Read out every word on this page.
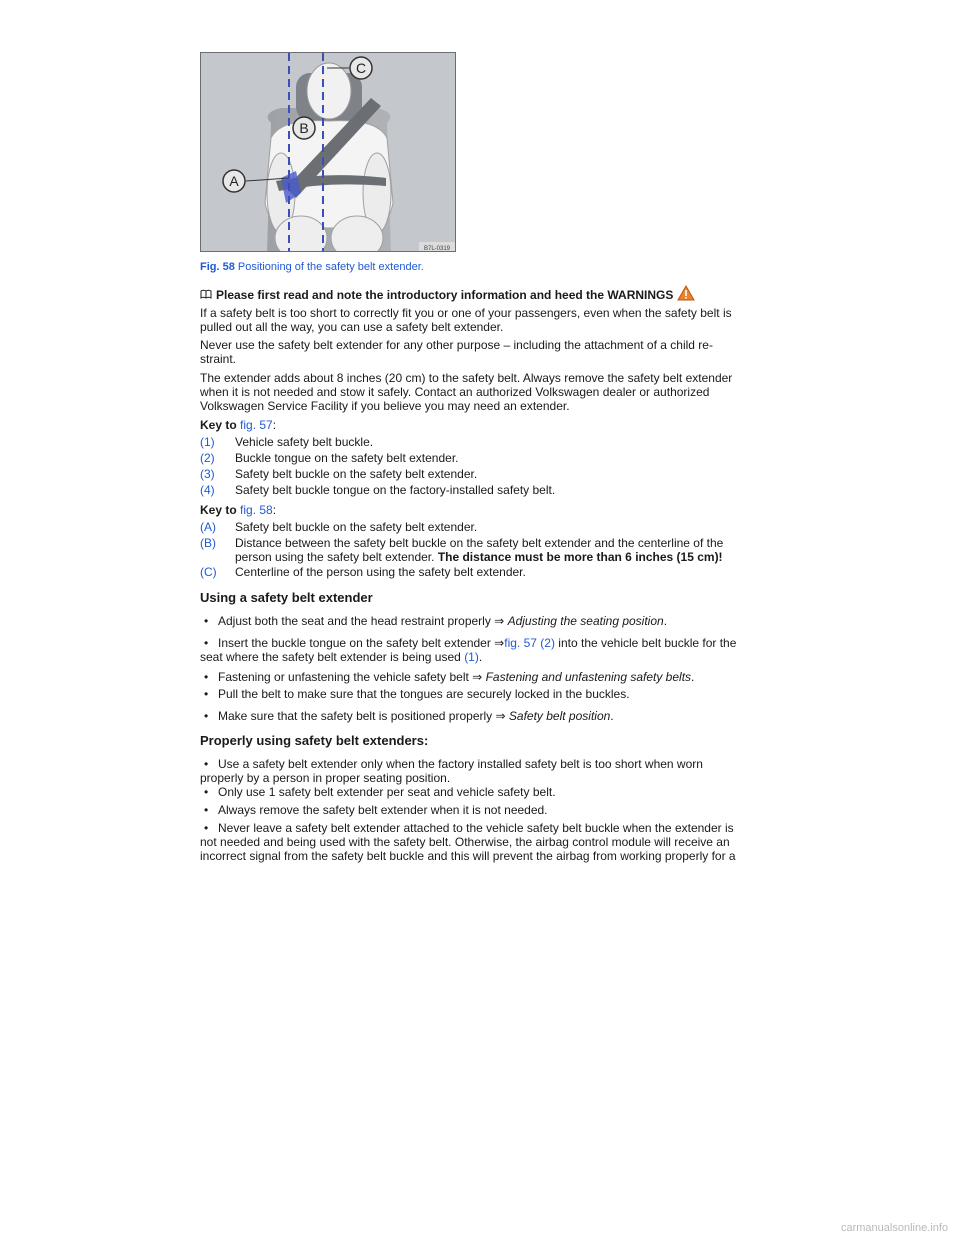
C
B
A
B7L-0319
Fig. 58 Positioning of the safety belt extender.
Please first read and note the introductory information and heed the WARNINGS
If a safety belt is too short to correctly fit you or one of your passengers, even when the safety belt is pulled out all the way, you can use a safety belt extender.
Never use the safety belt extender for any other purpose – including the attachment of a child re-straint.
The extender adds about 8 inches (20 cm) to the safety belt. Always remove the safety belt extender when it is not needed and stow it safely. Contact an authorized Volkswagen dealer or authorized Volkswagen Service Facility if you believe you may need an extender.
Key to fig. 57:
(1)	Vehicle safety belt buckle.
(2)	Buckle tongue on the safety belt extender.
(3)	Safety belt buckle on the safety belt extender.
(4)	Safety belt buckle tongue on the factory-installed safety belt.
Key to fig. 58:
(A)	Safety belt buckle on the safety belt extender.
(B)	Distance between the safety belt buckle on the safety belt extender and the centerline of the person using the safety belt extender. The distance must be more than 6 inches (15 cm)!
(C)	Centerline of the person using the safety belt extender.
Using a safety belt extender
• Adjust both the seat and the head restraint properly ⇒ Adjusting the seating position.
• Insert the buckle tongue on the safety belt extender ⇒fig. 57 (2) into the vehicle belt buckle for the seat where the safety belt extender is being used (1).
• Fastening or unfastening the vehicle safety belt ⇒ Fastening and unfastening safety belts.
• Pull the belt to make sure that the tongues are securely locked in the buckles.
• Make sure that the safety belt is positioned properly ⇒ Safety belt position.
Properly using safety belt extenders:
• Use a safety belt extender only when the factory installed safety belt is too short when worn properly by a person in proper seating position.
• Only use 1 safety belt extender per seat and vehicle safety belt.
• Always remove the safety belt extender when it is not needed.
• Never leave a safety belt extender attached to the vehicle safety belt buckle when the extender is not needed and being used with the safety belt. Otherwise, the airbag control module will receive an incorrect signal from the safety belt buckle and this will prevent the airbag from working properly for a
carmanualsonline.info
